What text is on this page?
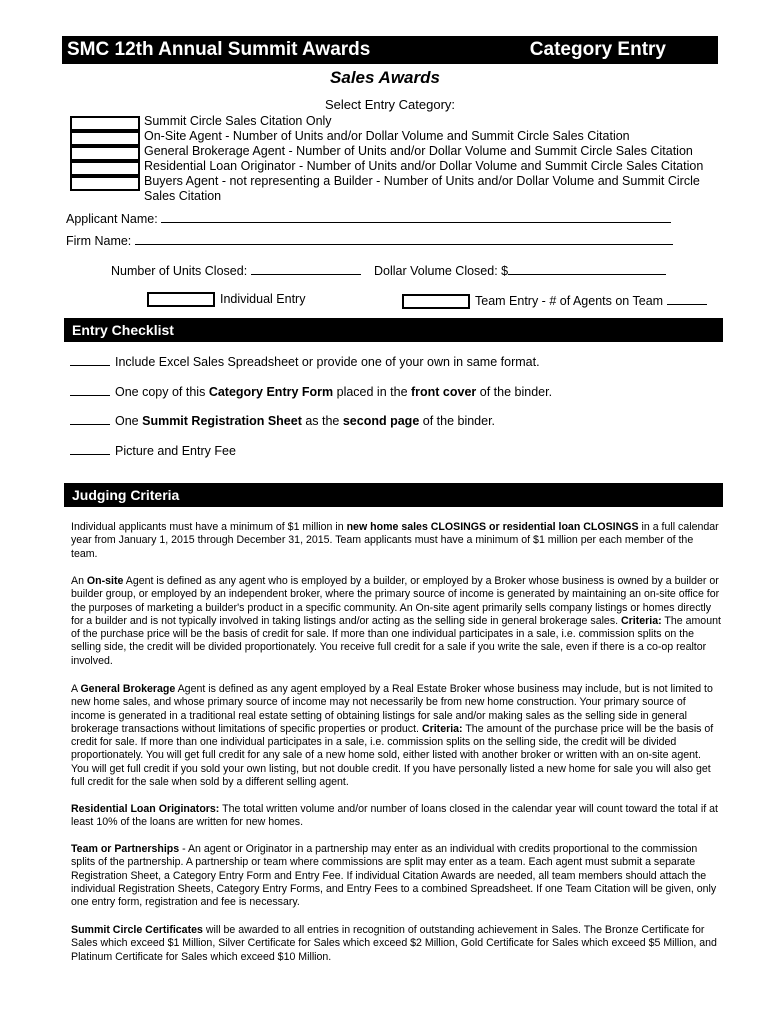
SMC 12th Annual Summit Awards	Category Entry
Sales Awards
Select Entry Category:
Summit Circle Sales Citation Only
On-Site Agent - Number of Units and/or Dollar Volume and Summit Circle Sales Citation
General Brokerage Agent - Number of Units and/or Dollar Volume and Summit Circle Sales Citation
Residential Loan Originator - Number of Units and/or Dollar Volume and Summit Circle Sales Citation
Buyers Agent - not representing a Builder - Number of Units and/or Dollar Volume and Summit Circle
Sales Citation
Applicant Name:
Firm Name:
Number of Units Closed:	Dollar Volume Closed: $
Individual Entry	Team Entry - # of Agents on Team
Entry Checklist
Include Excel Sales Spreadsheet or provide one of your own in same format.
One copy of this Category Entry Form placed in the front cover of the binder.
One Summit Registration Sheet as the second page of the binder.
Picture and Entry Fee
Judging Criteria
Individual applicants must have a minimum of $1 million in new home sales CLOSINGS or residential loan CLOSINGS in a full calendar year from January 1, 2015 through December 31, 2015. Team applicants must have a minimum of $1 million per each member of the team.
An On-site Agent is defined as any agent who is employed by a builder, or employed by a Broker whose business is owned by a builder or builder group, or employed by an independent broker, where the primary source of income is generated by maintaining an on-site office for the purposes of marketing a builder's product in a specific community. An On-site agent primarily sells company listings or homes directly for a builder and is not typically involved in taking listings and/or acting as the selling side in general brokerage sales. Criteria: The amount of the purchase price will be the basis of credit for sale. If more than one individual participates in a sale, i.e. commission splits on the selling side, the credit will be divided proportionately. You receive full credit for a sale if you write the sale, even if there is a co-op realtor involved.
A General Brokerage Agent is defined as any agent employed by a Real Estate Broker whose business may include, but is not limited to new home sales, and whose primary source of income may not necessarily be from new home construction. Your primary source of income is generated in a traditional real estate setting of obtaining listings for sale and/or making sales as the selling side in general brokerage transactions without limitations of specific properties or product. Criteria: The amount of the purchase price will be the basis of credit for sale. If more than one individual participates in a sale, i.e. commission splits on the selling side, the credit will be divided proportionately. You will get full credit for any sale of a new home sold, either listed with another broker or written with an on-site agent. You will get full credit if you sold your own listing, but not double credit. If you have personally listed a new home for sale you will also get full credit for the sale when sold by a different selling agent.
Residential Loan Originators: The total written volume and/or number of loans closed in the calendar year will count toward the total if at least 10% of the loans are written for new homes.
Team or Partnerships - An agent or Originator in a partnership may enter as an individual with credits proportional to the commission splits of the partnership. A partnership or team where commissions are split may enter as a team. Each agent must submit a separate Registration Sheet, a Category Entry Form and Entry Fee. If individual Citation Awards are needed, all team members should attach the individual Registration Sheets, Category Entry Forms, and Entry Fees to a combined Spreadsheet. If one Team Citation will be given, only one entry form, registration and fee is necessary.
Summit Circle Certificates will be awarded to all entries in recognition of outstanding achievement in Sales. The Bronze Certificate for Sales which exceed $1 Million, Silver Certificate for Sales which exceed $2 Million, Gold Certificate for Sales which exceed $5 Million, and Platinum Certificate for Sales which exceed $10 Million.
